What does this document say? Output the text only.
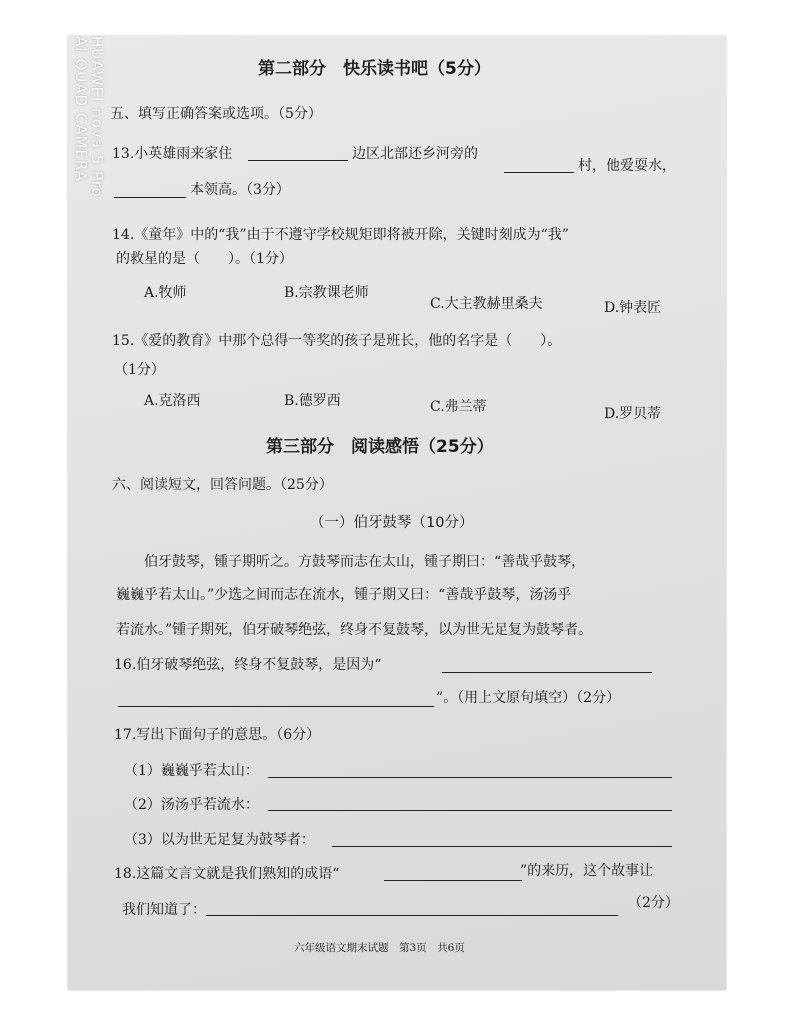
HUAWEI nova 5 Pro
AI QUAD CAMERA	第二部分　快乐读书吧（5分）
五、填写正确答案或选项。（5分）
13.小英雄雨来家住	边区北部还乡河旁的
村，他爱耍水，
本领高。（3分）
14.《童年》中的“我”由于不遵守学校规矩即将被开除，关键时刻成为“我”
的救星的是（　　）。（1分）
A.牧师	B.宗教课老师
C.大主教赫里桑夫	D.钟表匠
15.《爱的教育》中那个总得一等奖的孩子是班长，他的名字是（　　）。
（1分）
A.克洛西	B.德罗西	C.弗兰蒂	D.罗贝蒂
第三部分　阅读感悟（25分）
六、阅读短文，回答问题。（25分）
（一）伯牙鼓琴（10分）
伯牙鼓琴，锺子期听之。方鼓琴而志在太山，锺子期曰：“善哉乎鼓琴，
巍巍乎若太山。”少选之间而志在流水，锺子期又曰：“善哉乎鼓琴，汤汤乎
若流水。”锺子期死，伯牙破琴绝弦，终身不复鼓琴，以为世无足复为鼓琴者。
16.伯牙破琴绝弦，终身不复鼓琴，是因为“
”。（用上文原句填空）（2分）
17.写出下面句子的意思。（6分）
（1）巍巍乎若太山：
（2）汤汤乎若流水：
（3）以为世无足复为鼓琴者：
18.这篇文言文就是我们熟知的成语“	”的来历，这个故事让
我们知道了：	（2分）
六年级语文期末试题　第3页　共6页
